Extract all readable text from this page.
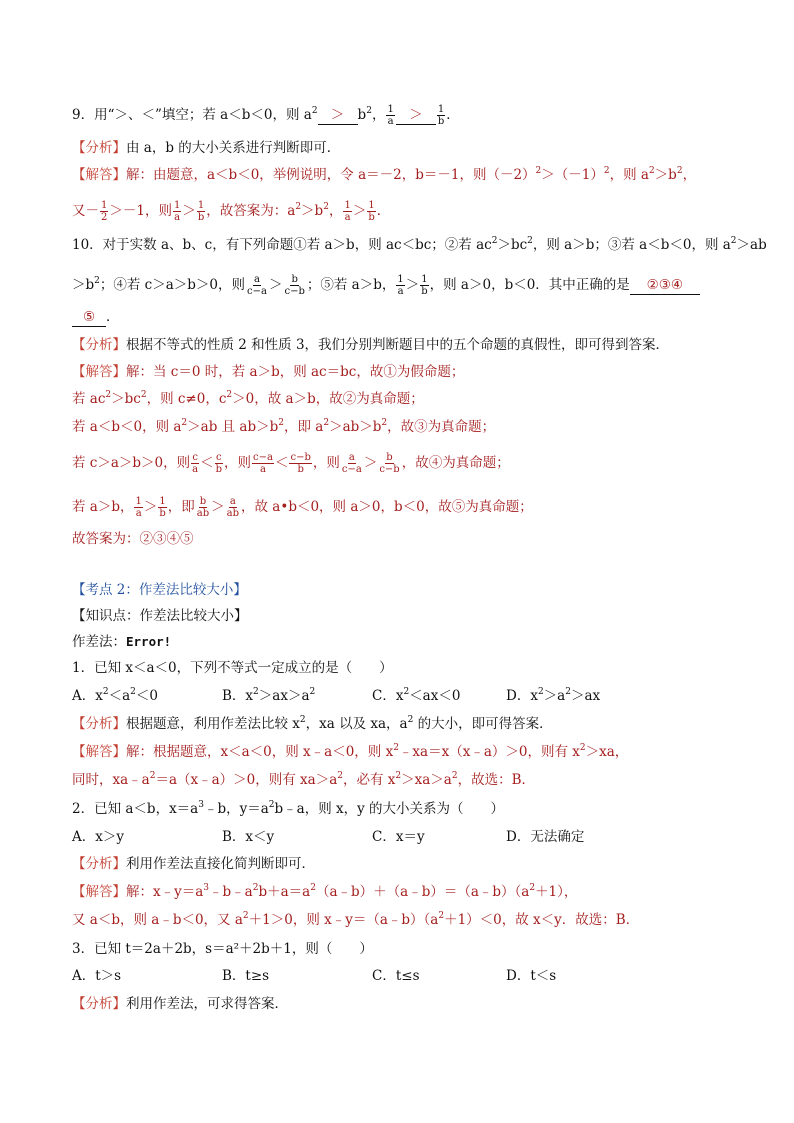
9．用“＞、＜”填空；若 a＜b＜0，则 $a^2 > b^2$， $\frac{1}{a} > \frac{1}{b}$ ．
【分析】由 a，b 的大小关系进行判断即可．
【解答】解：由题意，a＜b＜0，举例说明，令 a＝－2，b＝－1，则$(-2)^2>(-1)^2$，则 $a^2>b^2$，
又－ $\frac{1}{2} >-1$，则 $\frac{1}{a} > \frac{1}{b}$ ，故答案为：$a^2>b^2$， $\frac{1}{a} > \frac{1}{b}$ ．
10．对于实数 a、b、c，有下列命题①若 a＞b，则 ac＜bc；②若 $ac^2>bc^2$，则 a＞b；③若 a＜b＜0，则 $a^2>ab$
$>b^2$；④若 c＞a＞b＞0，则 $\frac{a}{c-a} > \frac{b}{c-b}$ ；⑤若 a＞b， $\frac{1}{a} > \frac{1}{b}$ ，则 a＞0，b＜0．其中正确的是 ②③④
⑤ ．
【分析】根据不等式的性质 2 和性质 3，我们分别判断题目中的五个命题的真假性，即可得到答案．
【解答】解：当 c＝0 时，若 a＞b，则 ac＝bc，故①为假命题；
若 $ac^2>bc^2$，则 c≠0，$c^2>0$，故 a＞b，故②为真命题；
若 a＜b＜0，则 $a^2>ab$ 且 $ab>b^2$，即 $a^2>ab>b^2$，故③为真命题；
若 c＞a＞b＞0，则 $\frac{c}{a} < \frac{c}{b}$ ，则 $\frac{c-a}{a} < \frac{c-b}{b}$ ，则 $\frac{a}{c-a} > \frac{b}{c-b}$ ，故④为真命题；
若 a＞b， $\frac{1}{a} > \frac{1}{b}$ ，即 $\frac{b}{ab} > \frac{a}{ab}$ ，故 a•b＜0，则 a＞0，b＜0，故⑤为真命题；
故答案为：②③④⑤
【考点 2：作差法比较大小】
【知识点：作差法比较大小】
作差法：Error!
1．已知 x＜a＜0，下列不等式一定成立的是（　　）
A．$x^2<a^2<0$	B．$x^2>ax>a^2$	C．$x^2<ax<0$	D．$x^2>a^2>ax$
【分析】根据题意，利用作差法比较 $x^2$，xa 以及 xa，$a^2$ 的大小，即可得答案．
【解答】解：根据题意，x＜a＜0，则 x﹣a＜0，则 $x^2﹣xa=x(x﹣a)>0$，则有 $x^2>xa$，
同时，$xa﹣a^2=a(x﹣a)>0$，则有 $xa>a^2$，必有 $x^2>xa>a^2$，故选：B．
2．已知 a＜b，$x=a^3﹣b$，$y=a^2b﹣a$，则 x，y 的大小关系为（　　）
A．x＞y	B．x＜y	C．x＝y	D．无法确定
【分析】利用作差法直接化简判断即可．
【解答】解：$x﹣y=a^3﹣b﹣a^2b+a=a^2(a﹣b)+(a﹣b)=(a﹣b)(a^2+1)$，
又 a＜b，则 a﹣b＜0，又 $a^2+1>0$，则 $x﹣y=(a﹣b)(a^2+1)<0$，故 x＜y．故选：B．
3．已知 t＝2a＋2b，s＝a²＋2b＋1，则（　　）
A．t＞s	B．t≥s	C．t≤s	D．t＜s
【分析】利用作差法，可求得答案．
